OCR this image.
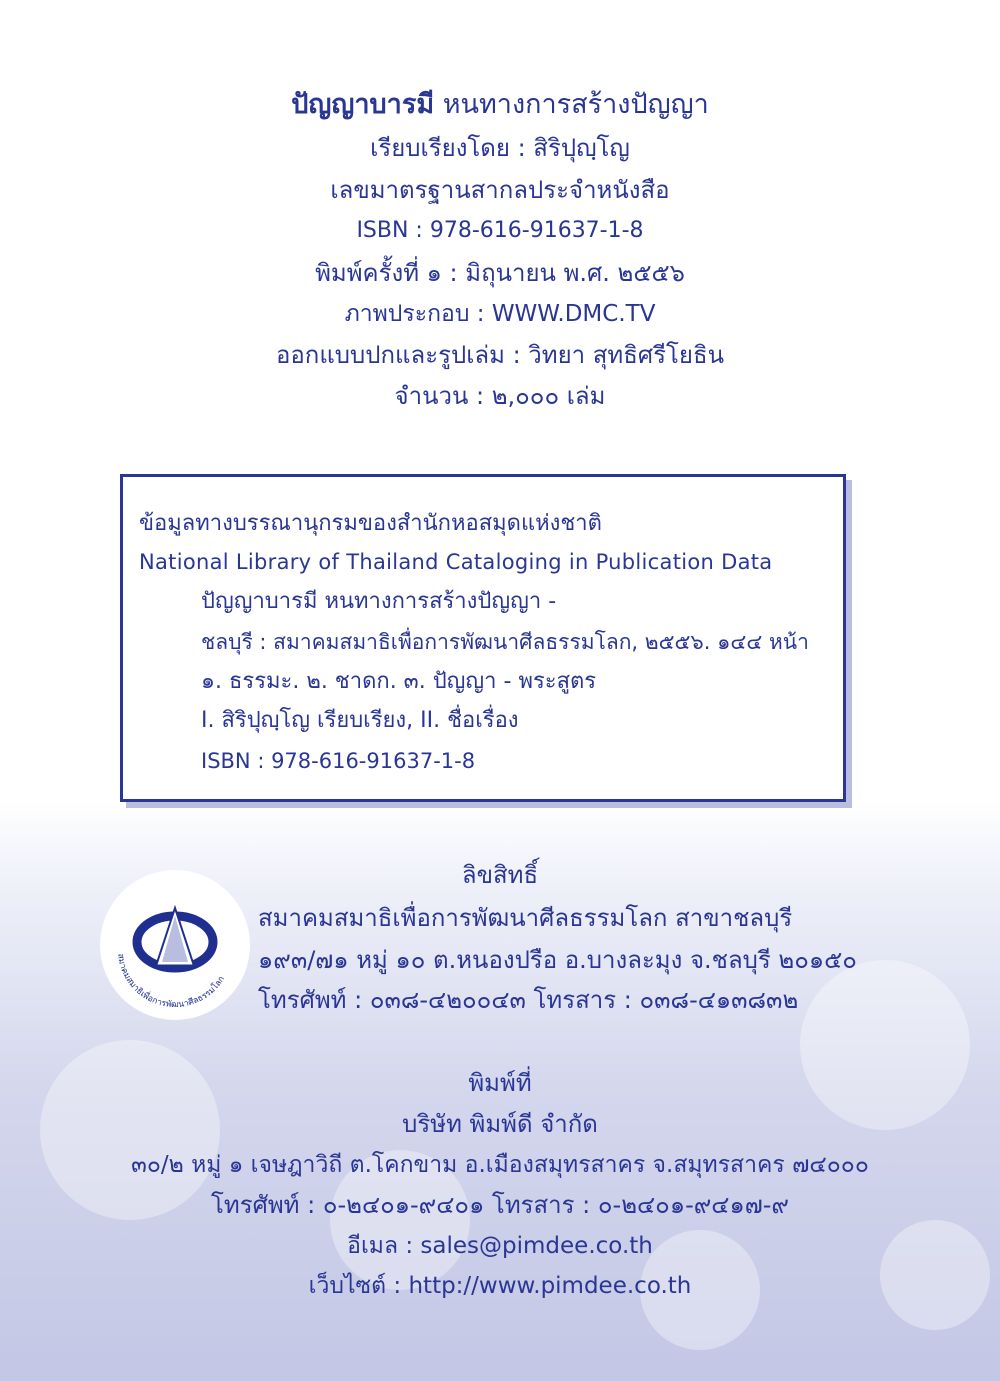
ปัญญาบารมี หนทางการสร้างปัญญา
เรียบเรียงโดย : สิริปุญฺโญ
เลขมาตรฐานสากลประจำหนังสือ
ISBN : 978-616-91637-1-8
พิมพ์ครั้งที่ ๑ : มิถุนายน พ.ศ. ๒๕๕๖
ภาพประกอบ : WWW.DMC.TV
ออกแบบปกและรูปเล่ม : วิทยา สุทธิศรีโยธิน
จำนวน : ๒,๐๐๐ เล่ม
ข้อมูลทางบรรณานุกรมของสำนักหอสมุดแห่งชาติ
National Library of Thailand Cataloging in Publication Data
ปัญญาบารมี หนทางการสร้างปัญญา -
ชลบุรี : สมาคมสมาธิเพื่อการพัฒนาศีลธรรมโลก, ๒๕๕๖. ๑๔๔ หน้า
๑. ธรรมะ. ๒. ชาดก. ๓. ปัญญา - พระสูตร
I. สิริปุญฺโญ เรียบเรียง, II. ชื่อเรื่อง
ISBN : 978-616-91637-1-8
สมาคมสมาธิเพื่อการพัฒนาศีลธรรมโลก
ลิขสิทธิ์
สมาคมสมาธิเพื่อการพัฒนาศีลธรรมโลก สาขาชลบุรี
๑๙๓/๗๑ หมู่ ๑๐ ต.หนองปรือ อ.บางละมุง จ.ชลบุรี ๒๐๑๕๐
โทรศัพท์ : ๐๓๘-๔๒๐๐๔๓ โทรสาร : ๐๓๘-๔๑๓๘๓๒
พิมพ์ที่
บริษัท พิมพ์ดี จำกัด
๓๐/๒ หมู่ ๑ เจษฎาวิถี ต.โคกขาม อ.เมืองสมุทรสาคร จ.สมุทรสาคร ๗๔๐๐๐
โทรศัพท์ : ๐-๒๔๐๑-๙๔๐๑ โทรสาร : ๐-๒๔๐๑-๙๔๑๗-๙
อีเมล : sales@pimdee.co.th
เว็บไซต์ : http://www.pimdee.co.th
